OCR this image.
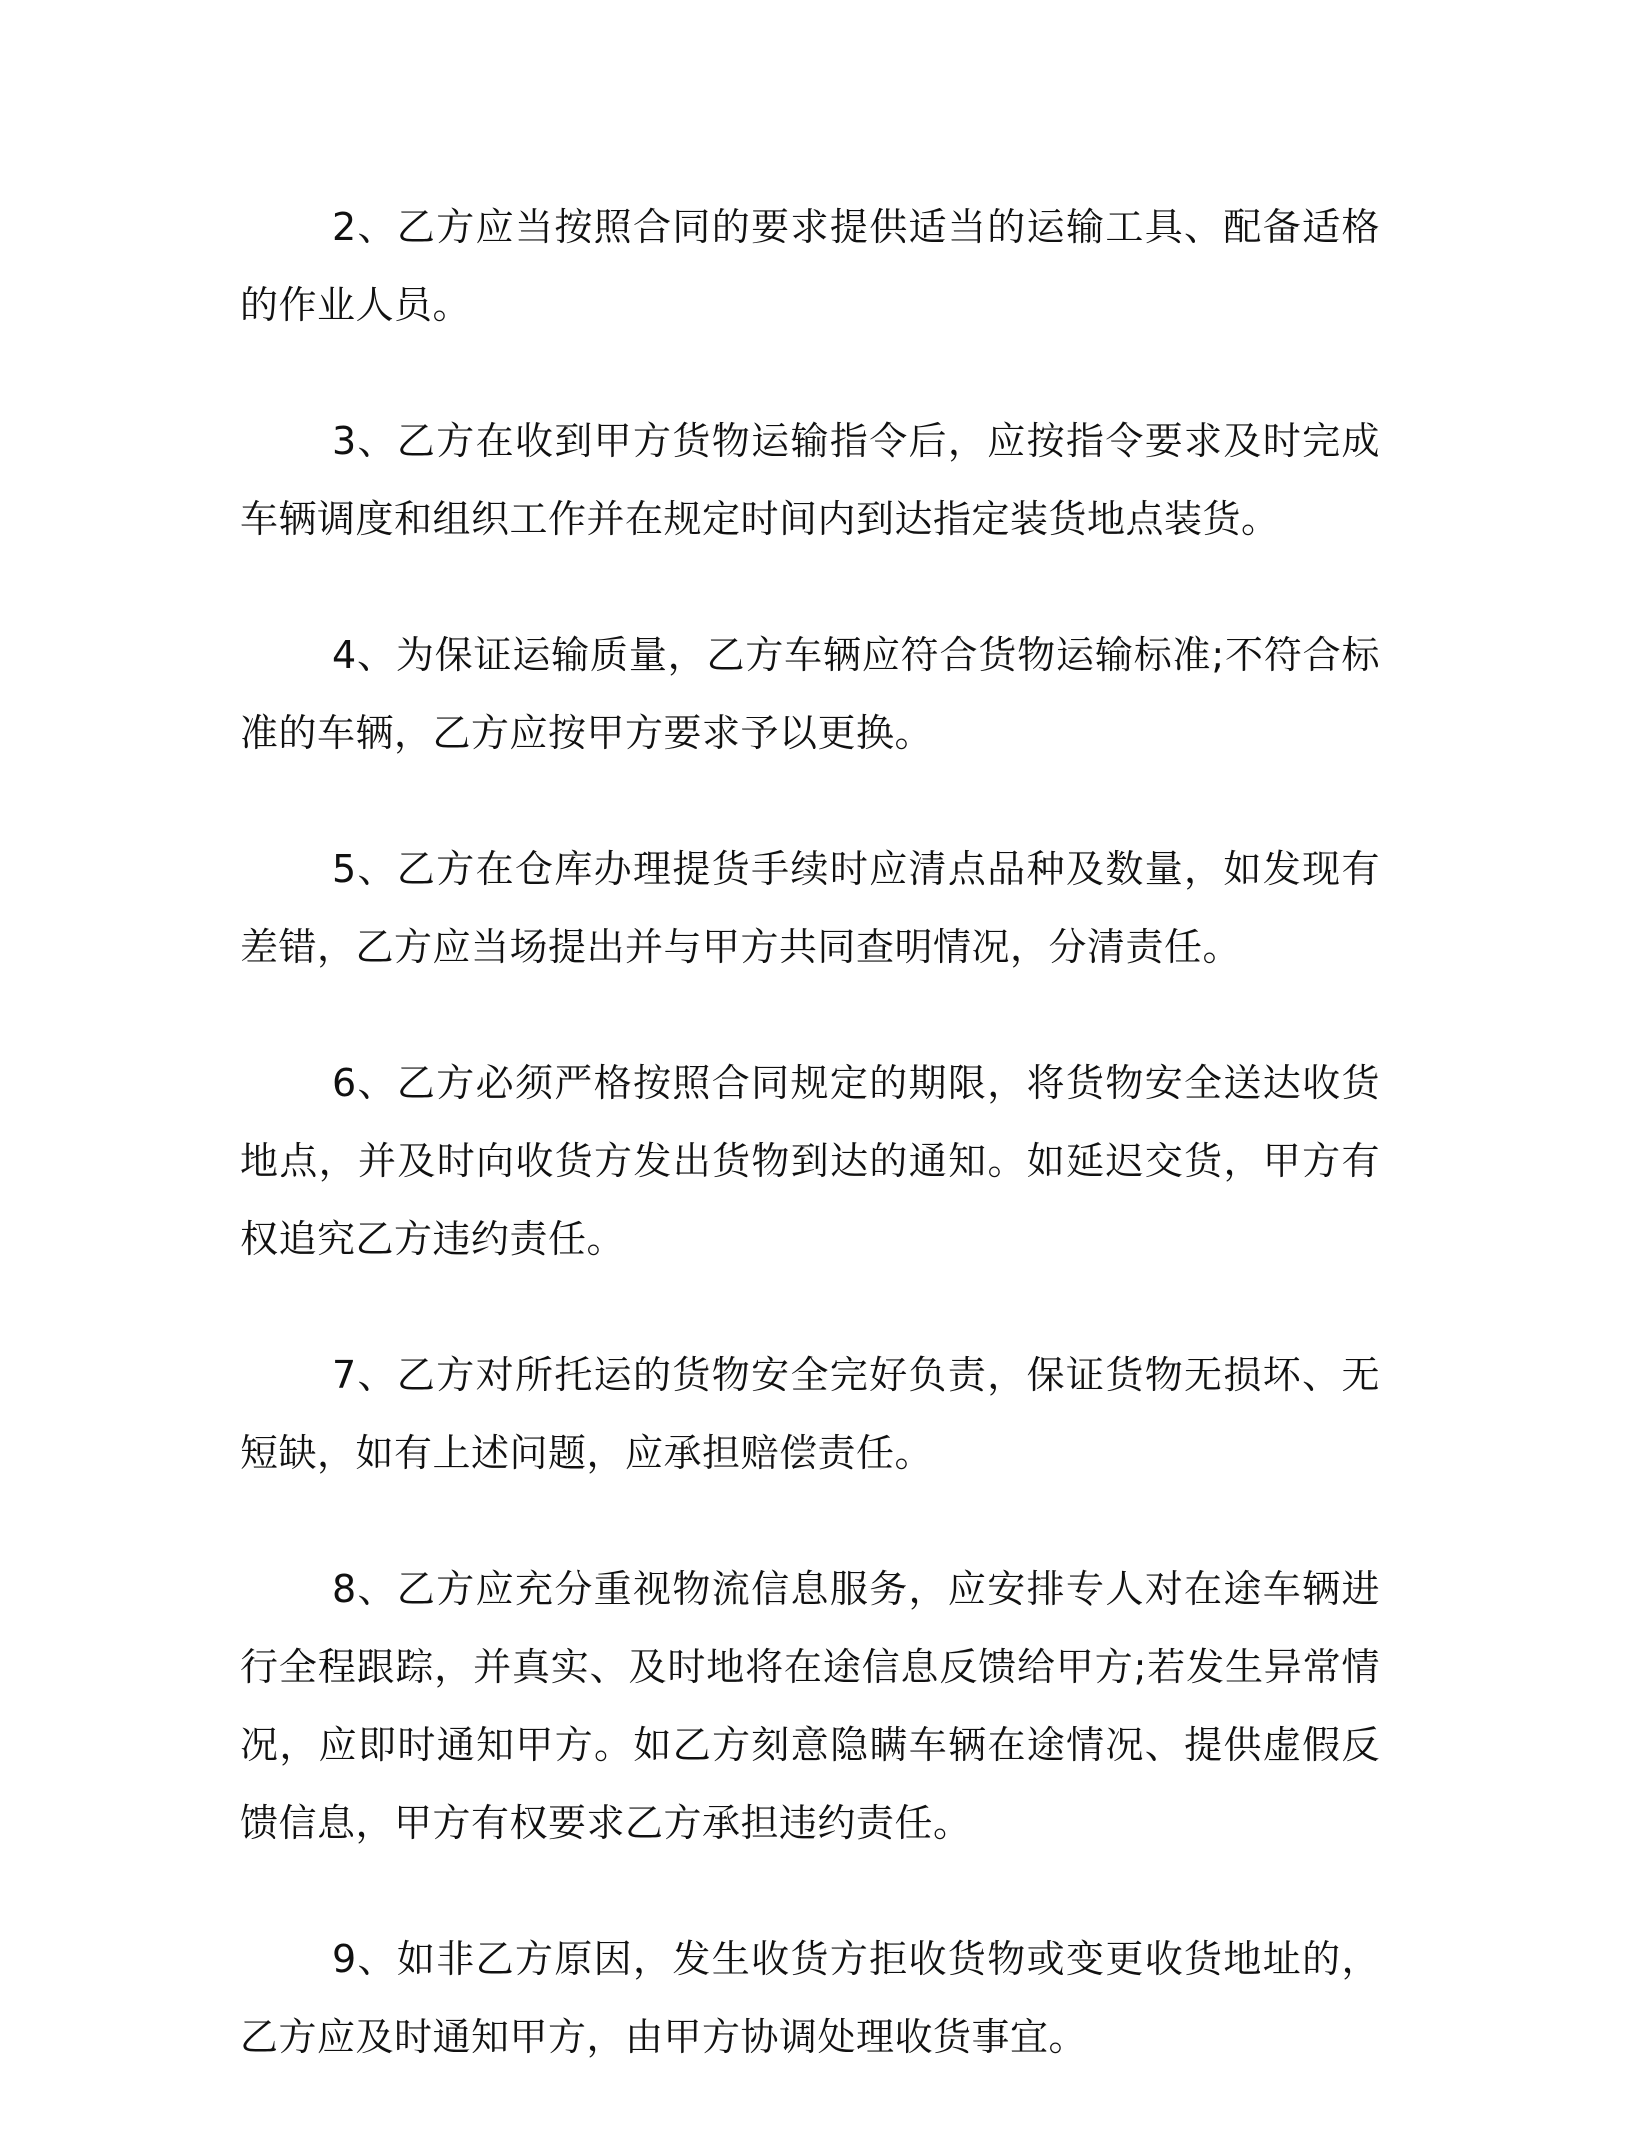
2、乙方应当按照合同的要求提供适当的运输工具、配备适格的作业人员。

3、乙方在收到甲方货物运输指令后，应按指令要求及时完成车辆调度和组织工作并在规定时间内到达指定装货地点装货。

4、为保证运输质量，乙方车辆应符合货物运输标准;不符合标准的车辆，乙方应按甲方要求予以更换。

5、乙方在仓库办理提货手续时应清点品种及数量，如发现有差错，乙方应当场提出并与甲方共同查明情况，分清责任。

6、乙方必须严格按照合同规定的期限，将货物安全送达收货地点，并及时向收货方发出货物到达的通知。如延迟交货，甲方有权追究乙方违约责任。

7、乙方对所托运的货物安全完好负责，保证货物无损坏、无短缺，如有上述问题，应承担赔偿责任。

8、乙方应充分重视物流信息服务，应安排专人对在途车辆进行全程跟踪，并真实、及时地将在途信息反馈给甲方;若发生异常情况，应即时通知甲方。如乙方刻意隐瞒车辆在途情况、提供虚假反馈信息，甲方有权要求乙方承担违约责任。

9、如非乙方原因，发生收货方拒收货物或变更收货地址的，乙方应及时通知甲方，由甲方协调处理收货事宜。
